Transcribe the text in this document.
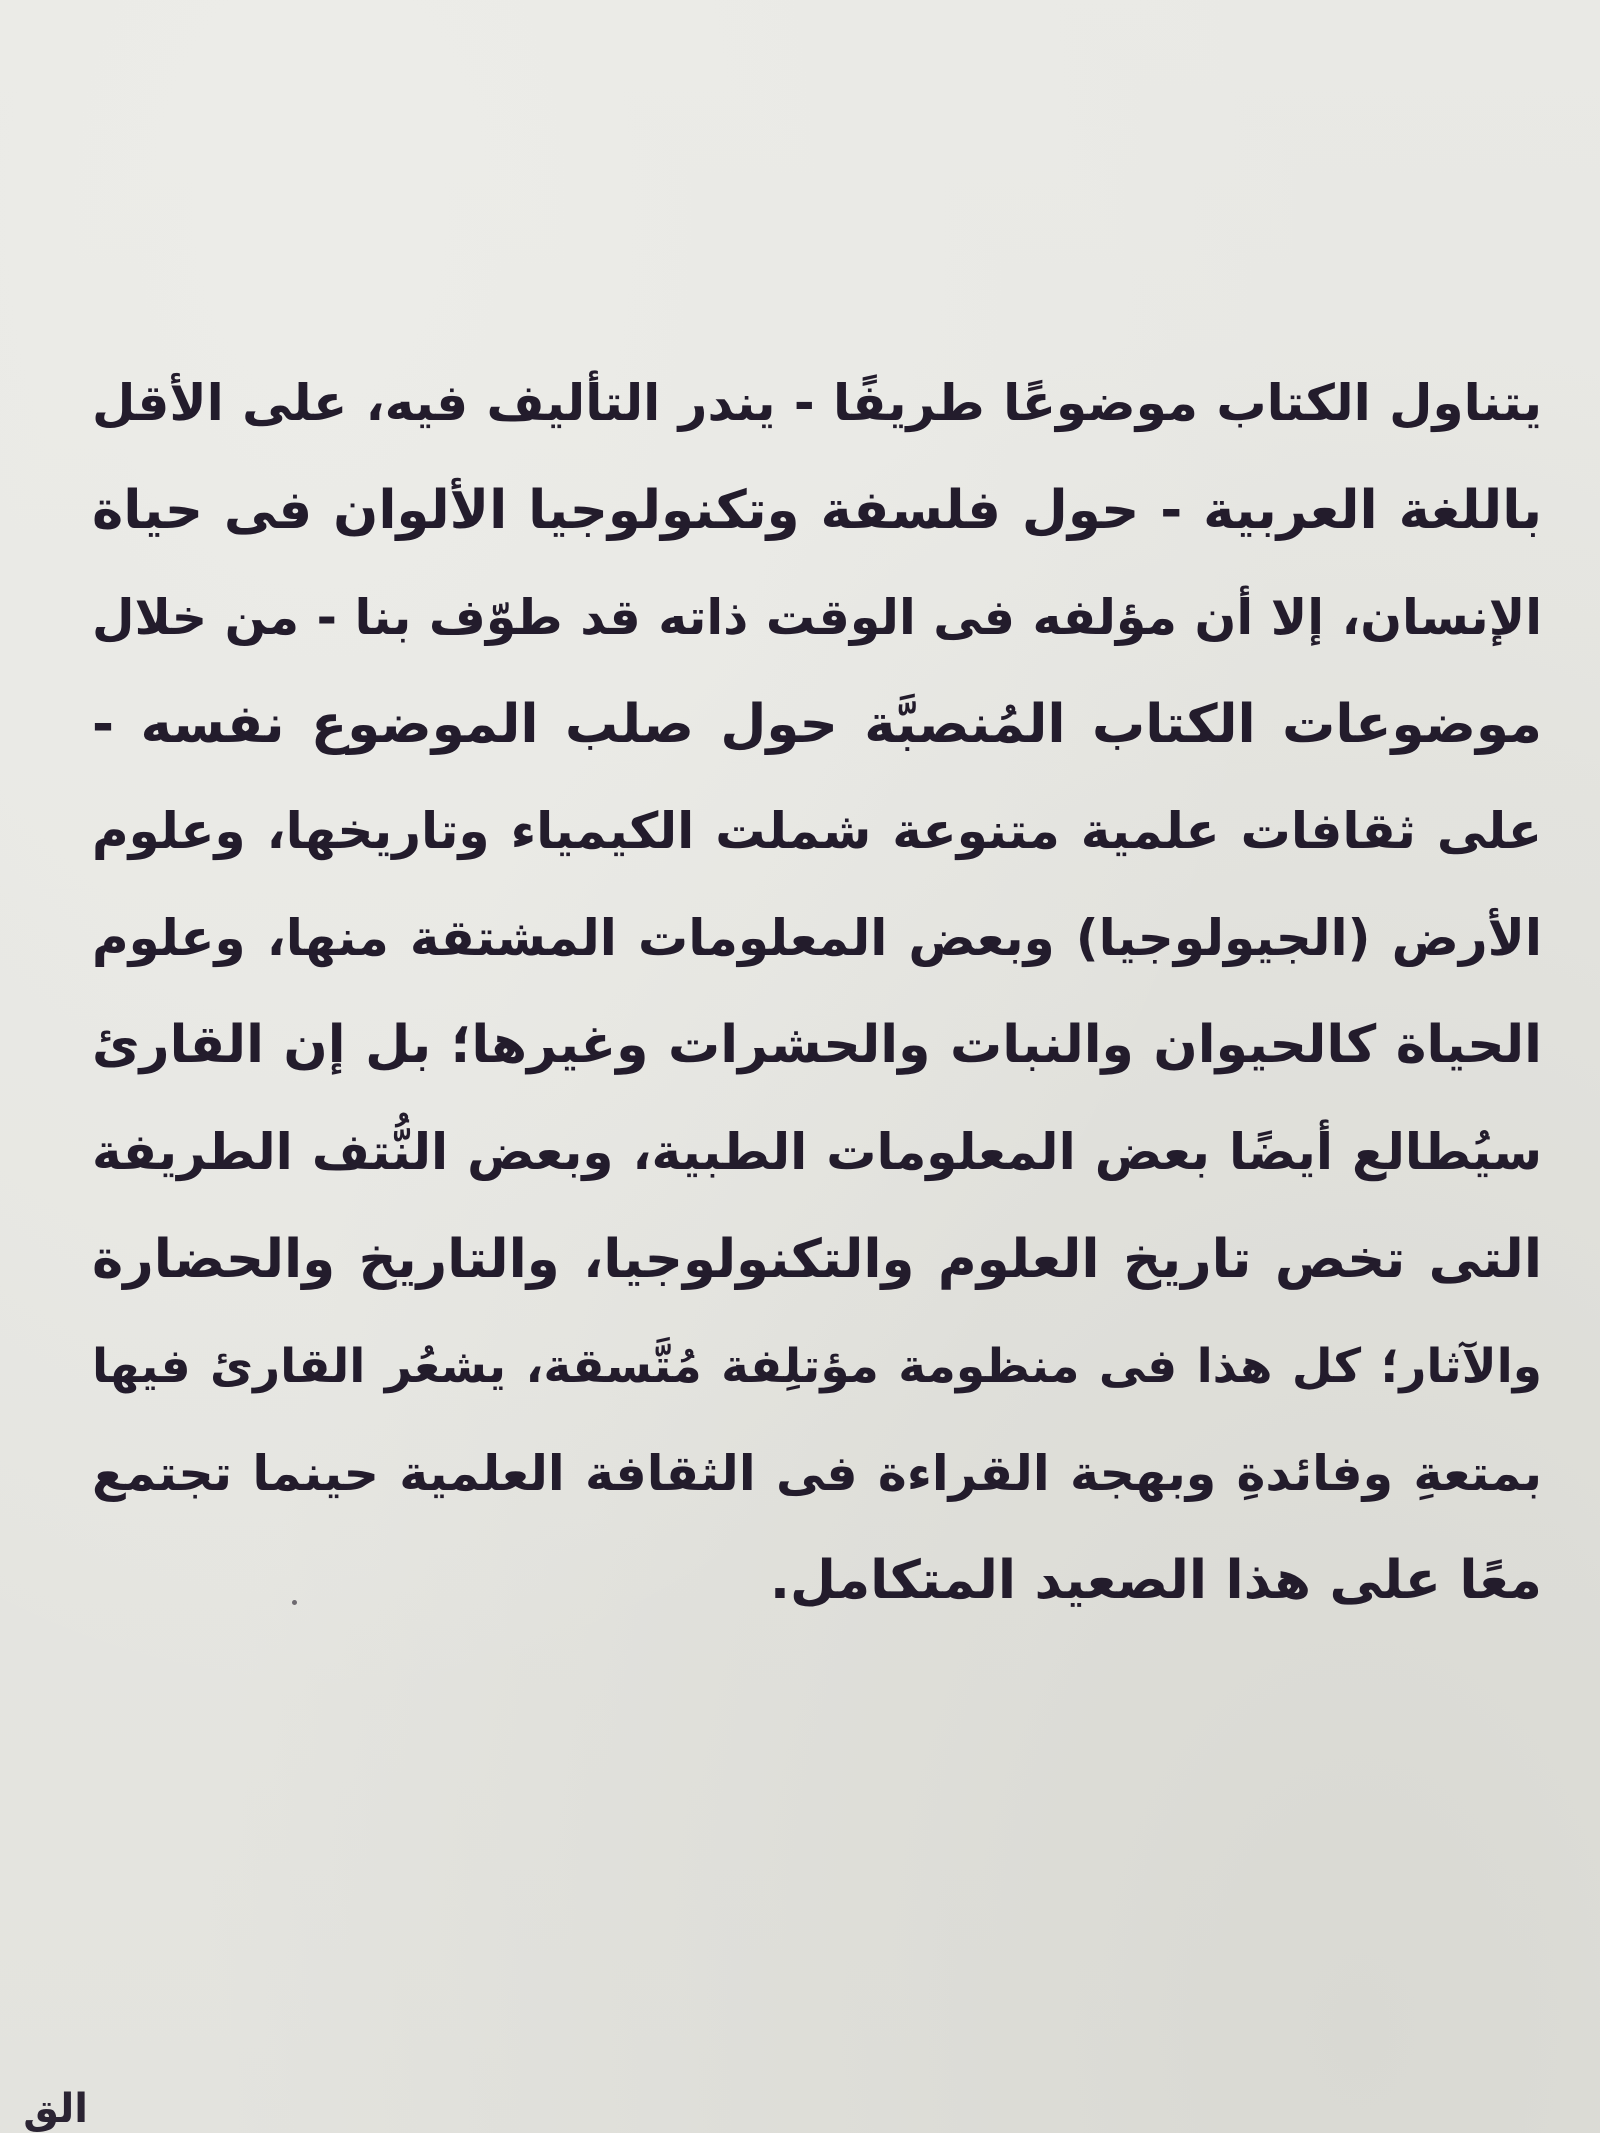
يتناول الكتاب موضوعًا طريفًا - يندر التأليف فيه، على الأقل
باللغة العربية - حول فلسفة وتكنولوجيا الألوان فى حياة
الإنسان، إلا أن مؤلفه فى الوقت ذاته قد طوّف بنا - من خلال
موضوعات الكتاب المُنصبَّة حول صلب الموضوع نفسه -
على ثقافات علمية متنوعة شملت الكيمياء وتاريخها، وعلوم
الأرض (الجيولوجيا) وبعض المعلومات المشتقة منها، وعلوم
الحياة كالحيوان والنبات والحشرات وغيرها؛ بل إن القارئ
سيُطالع أيضًا بعض المعلومات الطبية، وبعض النُّتف الطريفة
التى تخص تاريخ العلوم والتكنولوجيا، والتاريخ والحضارة
والآثار؛ كل هذا فى منظومة مؤتلِفة مُتَّسقة، يشعُر القارئ فيها
بمتعةِ وفائدةِ وبهجة القراءة فى الثقافة العلمية حينما تجتمع
معًا على هذا الصعيد المتكامل.
الق
